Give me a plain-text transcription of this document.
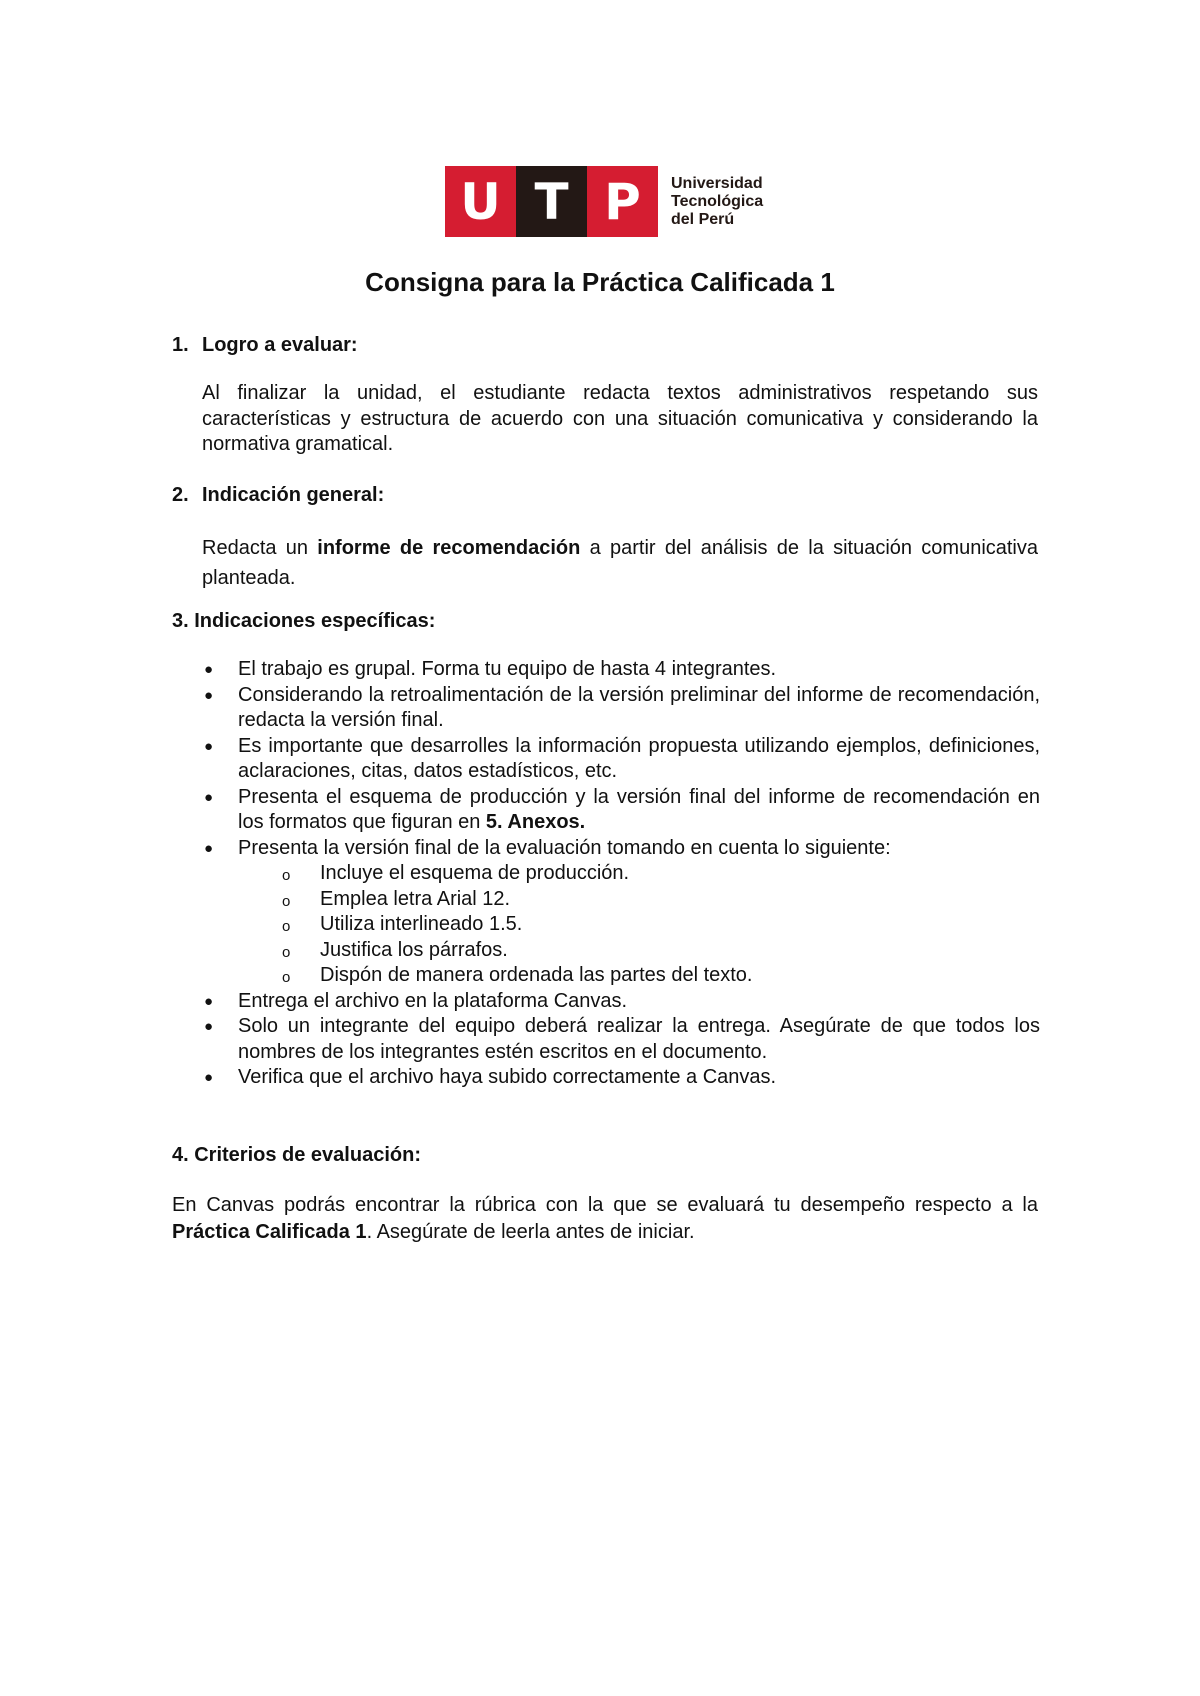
U T P	Universidad
Tecnológica
del Perú
Consigna para la Práctica Calificada 1
1. Logro a evaluar:
Al finalizar la unidad, el estudiante redacta textos administrativos respetando sus características y estructura de acuerdo con una situación comunicativa y considerando la normativa gramatical.
2. Indicación general:
Redacta un informe de recomendación a partir del análisis de la situación comunicativa planteada.
3. Indicaciones específicas:
● El trabajo es grupal. Forma tu equipo de hasta 4 integrantes.
● Considerando la retroalimentación de la versión preliminar del informe de recomendación, redacta la versión final.
● Es importante que desarrolles la información propuesta utilizando ejemplos, definiciones, aclaraciones, citas, datos estadísticos, etc.
● Presenta el esquema de producción y la versión final del informe de recomendación en los formatos que figuran en 5. Anexos.
● Presenta la versión final de la evaluación tomando en cuenta lo siguiente:
o Incluye el esquema de producción.
o Emplea letra Arial 12.
o Utiliza interlineado 1.5.
o Justifica los párrafos.
o Dispón de manera ordenada las partes del texto.
● Entrega el archivo en la plataforma Canvas.
● Solo un integrante del equipo deberá realizar la entrega. Asegúrate de que todos los nombres de los integrantes estén escritos en el documento.
● Verifica que el archivo haya subido correctamente a Canvas.
4. Criterios de evaluación:
En Canvas podrás encontrar la rúbrica con la que se evaluará tu desempeño respecto a la Práctica Calificada 1. Asegúrate de leerla antes de iniciar.
